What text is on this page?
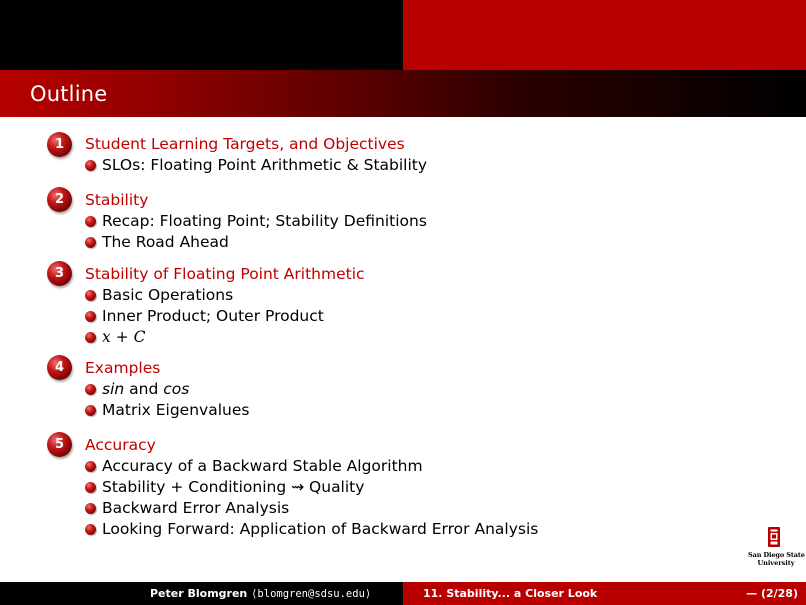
Outline
1	Student Learning Targets, and Objectives
SLOs: Floating Point Arithmetic & Stability
2	Stability
Recap: Floating Point; Stability Definitions
The Road Ahead
3	Stability of Floating Point Arithmetic
Basic Operations
Inner Product; Outer Product
x + C
4	Examples
sin and cos
Matrix Eigenvalues
5	Accuracy
Accuracy of a Backward Stable Algorithm
Stability + Conditioning ⇝ Quality
Backward Error Analysis
Looking Forward: Application of Backward Error Analysis
San Diego State
University
Peter Blomgren ⟨blomgren@sdsu.edu⟩	11. Stability... a Closer Look	— (2/28)
